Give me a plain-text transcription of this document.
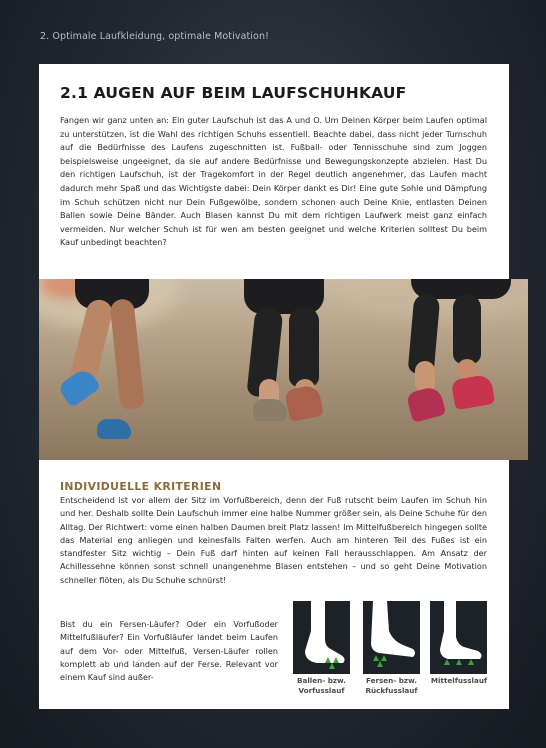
2. Optimale Laufkleidung, optimale Motivation!
2.1 AUGEN AUF BEIM LAUFSCHUHKAUF

Fangen wir ganz unten an: Ein guter Laufschuh ist das A und O. Um Deinen Körper beim Laufen optimal zu unterstützen, ist die Wahl des richtigen Schuhs essentiell. Beachte dabei, dass nicht jeder Turnschuh auf die Bedürfnisse des Laufens zugeschnitten ist. Fußball- oder Tennisschuhe sind zum Joggen beispielsweise ungeeignet, da sie auf andere Bedürfnisse und Bewegungskonzepte abzielen. Hast Du den richtigen Laufschuh, ist der Tragekomfort in der Regel deutlich angenehmer, das Laufen macht dadurch mehr Spaß und das Wichtigste dabei: Dein Körper dankt es Dir! Eine gute Sohle und Dämpfung im Schuh schützen nicht nur Dein Fußgewölbe, sondern schonen auch Deine Knie, entlasten Deinen Ballen sowie Deine Bänder. Auch Blasen kannst Du mit dem richtigen Laufwerk meist ganz einfach vermeiden. Nur welcher Schuh ist für wen am besten geeignet und welche Kriterien solltest Du beim Kauf unbedingt beachten?

INDIVIDUELLE KRITERIEN

Entscheidend ist vor allem der Sitz im Vorfußbereich, denn der Fuß rutscht beim Laufen im Schuh hin und her. Deshalb sollte Dein Laufschuh immer eine halbe Nummer größer sein, als Deine Schuhe für den Alltag. Der Richtwert: vorne einen halben Daumen breit Platz lassen! Im Mittelfußbereich hingegen sollte das Material eng anliegen und keinesfalls Falten werfen. Auch am hinteren Teil des Fußes ist ein standfester Sitz wichtig – Dein Fuß darf hinten auf keinen Fall herausschlappen. Am Ansatz der Achillessehne können sonst schnell unangenehme Blasen entstehen – und so geht Deine Motivation schneller flöten, als Du Schuhe schnürst!

Bist du ein Fersen-Läufer? Oder ein Vorfußoder Mittelfußläufer? Ein Vorfußläufer landet beim Laufen auf dem Vor- oder Mittelfuß, Versen-Läufer rollen komplett ab und landen auf der Ferse. Relevant vor einem Kauf sind außer-	Ballen- bzw. Vorfusslauf
Fersen- bzw. Rückfusslauf
Mittelfusslauf
